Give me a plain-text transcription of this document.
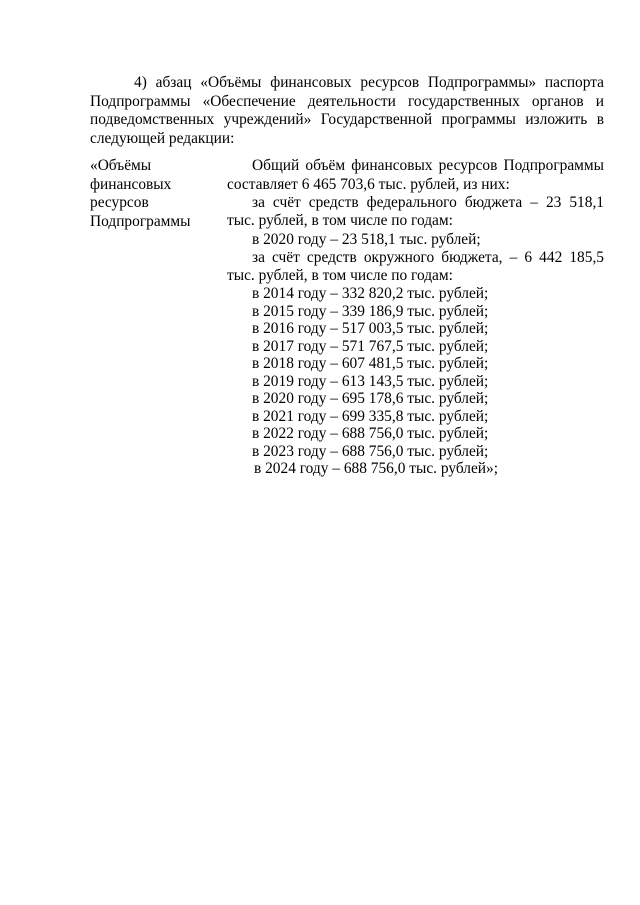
4) абзац «Объёмы финансовых ресурсов Подпрограммы» паспорта
Подпрограммы «Обеспечение деятельности государственных органов и
подведомственных учреждений» Государственной программы изложить в
следующей редакции:

«Объёмы
финансовых
ресурсов
Подпрограммы
Общий объём финансовых ресурсов Подпрограммы
составляет 6 465 703,6 тыс. рублей, из них:
за счёт средств федерального бюджета – 23 518,1
тыс. рублей, в том числе по годам:
в 2020 году – 23 518,1 тыс. рублей;
за счёт средств окружного бюджета, – 6 442 185,5
тыс. рублей, в том числе по годам:
в 2014 году – 332 820,2 тыс. рублей;
в 2015 году – 339 186,9 тыс. рублей;
в 2016 году – 517 003,5 тыс. рублей;
в 2017 году – 571 767,5 тыс. рублей;
в 2018 году – 607 481,5 тыс. рублей;
в 2019 году – 613 143,5 тыс. рублей;
в 2020 году – 695 178,6 тыс. рублей;
в 2021 году – 699 335,8 тыс. рублей;
в 2022 году – 688 756,0 тыс. рублей;
в 2023 году – 688 756,0 тыс. рублей;
в 2024 году – 688 756,0 тыс. рублей»;
